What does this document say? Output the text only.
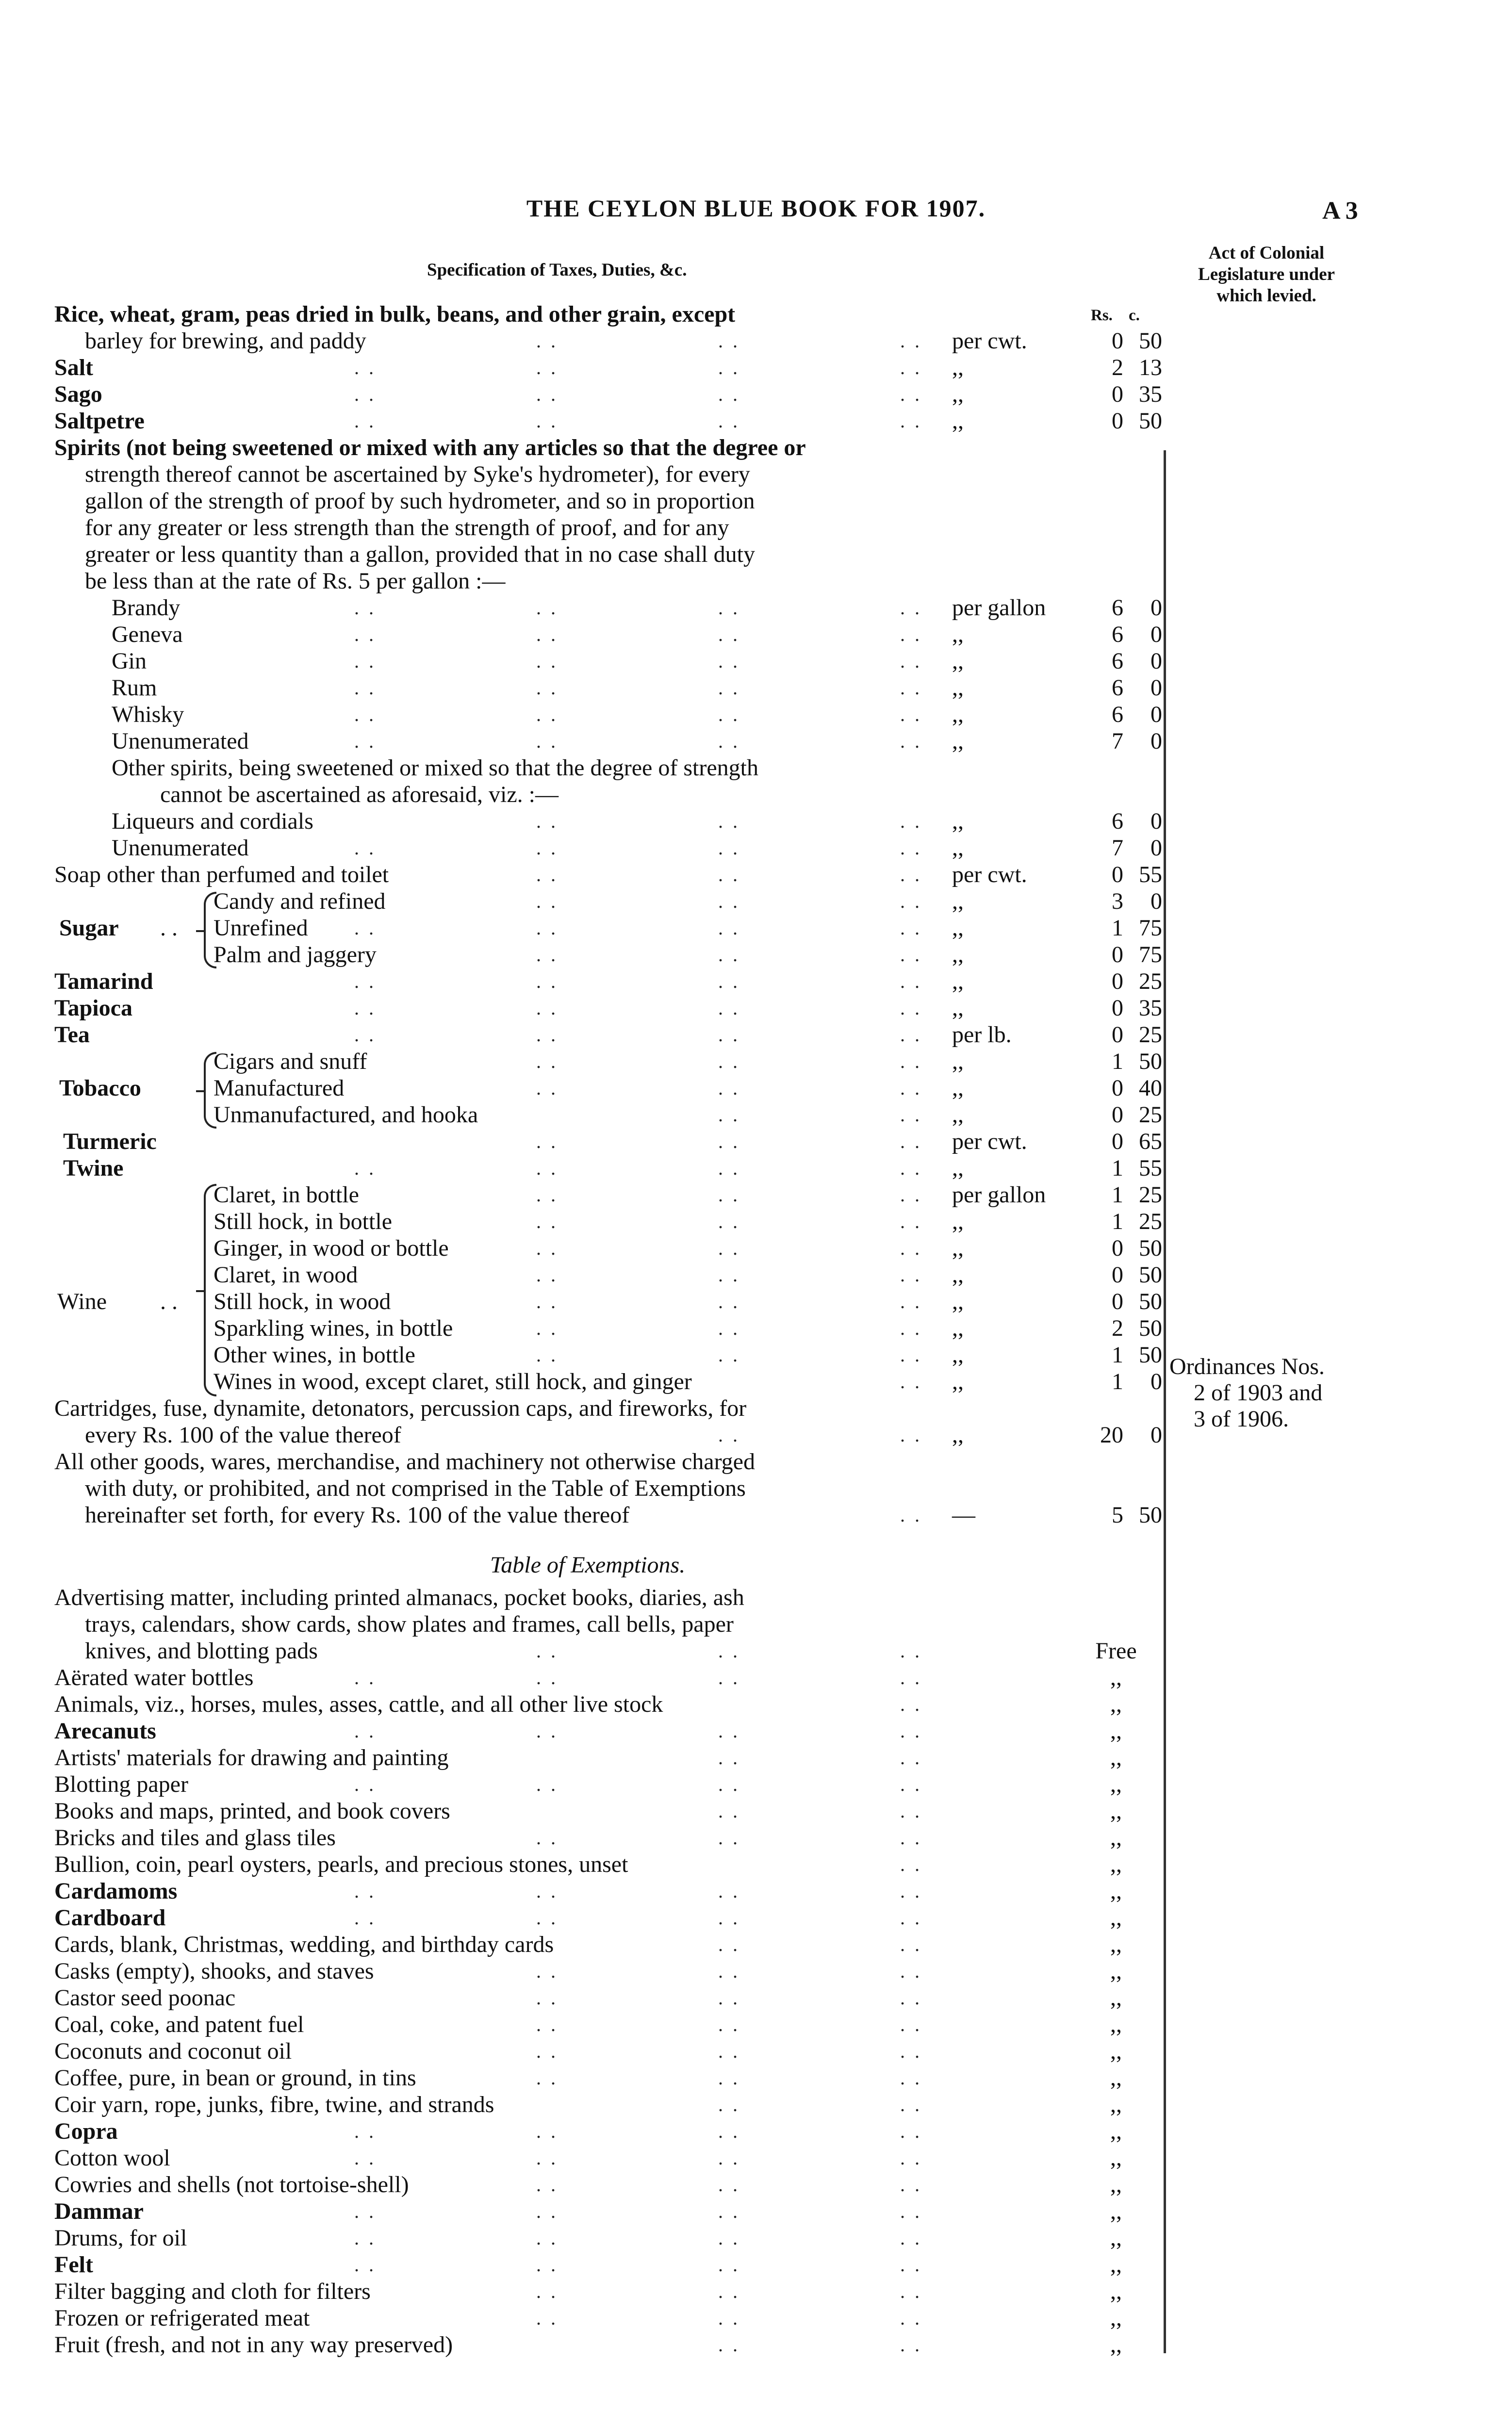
THE CEYLON BLUE BOOK FOR 1907.	A 3
Specification of Taxes, Duties, &c.
Act of Colonial
Legislature under
which levied.
Rs. c.
Ordinances Nos.
2 of 1903 and
3 of 1906.
Rice, wheat, gram, peas dried in bulk, beans, and other grain, except
barley for brewing, and paddy	. .	. .	. . per cwt.	0 50
Salt	. .	. .	. .	. . ,,	2 13
Sago	. .	. .	. .	. . ,,	0 35
Saltpetre	. .	. .	. .	. . ,,	0 50
Spirits (not being sweetened or mixed with any articles so that the degree or
strength thereof cannot be ascertained by Syke's hydrometer), for every
gallon of the strength of proof by such hydrometer, and so in proportion
for any greater or less strength than the strength of proof, and for any
greater or less quantity than a gallon, provided that in no case shall duty
be less than at the rate of Rs. 5 per gallon :—
Brandy	. .	. .	. .	. . per gallon	6	0
Geneva	. .	. .	. .	. . ,,	6	0
Gin	. .	. .	. .	. . ,,	6	0
Rum	. .	. .	. .	. . ,,	6	0
Whisky	. .	. .	. .	. . ,,	6	0
Unenumerated	. .	. .	. .	. . ,,	7	0
Other spirits, being sweetened or mixed so that the degree of strength
cannot be ascertained as aforesaid, viz. :—
Liqueurs and cordials	. .	. .	. . ,,	6	0
Unenumerated	. .	. .	. .	. . ,,	7	0
Soap other than perfumed and toilet	. .	. .	. . per cwt.	0 55
Candy and refined	. .	. .	. . ,,	3	0
Unrefined . .	. .	. .	. . ,,	1 75
Palm and jaggery	. .	. .	. . ,,	0 75
Tamarind	. .	. .	. .	. . ,,	0 25
Tapioca	. .	. .	. .	. . ,,	0 35
Tea	. .	. .	. .	. . per lb.	0 25
Cigars and snuff	. .	. .	. . ,,	1 50
Manufactured	. .	. .	. . ,,	0 40
Unmanufactured, and hooka	. .	. . ,,	0 25
Turmeric	. .	. .	. . per cwt.	0 65
Twine	. .	. .	. .	. . ,,	1 55
Claret, in bottle	. .	. .	. . per gallon	1 25
Still hock, in bottle	. .	. .	. . ,,	1 25
Ginger, in wood or bottle	. .	. .	. . ,,	0 50
Claret, in wood	. .	. .	. . ,,	0 50
Still hock, in wood	. .	. .	. . ,,	0 50
Sparkling wines, in bottle	. .	. .	. . ,,	2 50
Other wines, in bottle	. .	. .	. . ,,	1 50
Wines in wood, except claret, still hock, and ginger	. . ,,	1	0
Cartridges, fuse, dynamite, detonators, percussion caps, and fireworks, for
every Rs. 100 of the value thereof	. .	. . ,,	20	0
All other goods, wares, merchandise, and machinery not otherwise charged
with duty, or prohibited, and not comprised in the Table of Exemptions
hereinafter set forth, for every Rs. 100 of the value thereof	. . —	5 50
Sugar . .
Tobacco
Wine . .
Table of Exemptions.
Advertising matter, including printed almanacs, pocket books, diaries, ash
trays, calendars, show cards, show plates and frames, call bells, paper
knives, and blotting pads	. .	. .	. .	Free
Aërated water bottles	. .	. .	. .	. .	,,
Animals, viz., horses, mules, asses, cattle, and all other live stock	. .	,,
Arecanuts	. .	. .	. .	. .	,,
Artists' materials for drawing and painting	. .	. .	,,
Blotting paper	. .	. .	. .	. .	,,
Books and maps, printed, and book covers	. .	. .	,,
Bricks and tiles and glass tiles	. .	. .	. .	,,
Bullion, coin, pearl oysters, pearls, and precious stones, unset	. .	,,
Cardamoms	. .	. .	. .	. .	,,
Cardboard	. .	. .	. .	. .	,,
Cards, blank, Christmas, wedding, and birthday cards	. .	. .	,,
Casks (empty), shooks, and staves	. .	. .	. .	,,
Castor seed poonac	. .	. .	. .	,,
Coal, coke, and patent fuel	. .	. .	. .	,,
Coconuts and coconut oil	. .	. .	. .	,,
Coffee, pure, in bean or ground, in tins	. .	. .	. .	,,
Coir yarn, rope, junks, fibre, twine, and strands	. .	. .	,,
Copra	. .	. .	. .	. .	,,
Cotton wool	. .	. .	. .	. .	,,
Cowries and shells (not tortoise-shell)	. .	. .	. .	,,
Dammar	. .	. .	. .	. .	,,
Drums, for oil	. .	. .	. .	. .	,,
Felt	. .	. .	. .	. .	,,
Filter bagging and cloth for filters	. .	. .	. .	,,
Frozen or refrigerated meat	. .	. .	. .	,,
Fruit (fresh, and not in any way preserved)	. .	. .	,,
